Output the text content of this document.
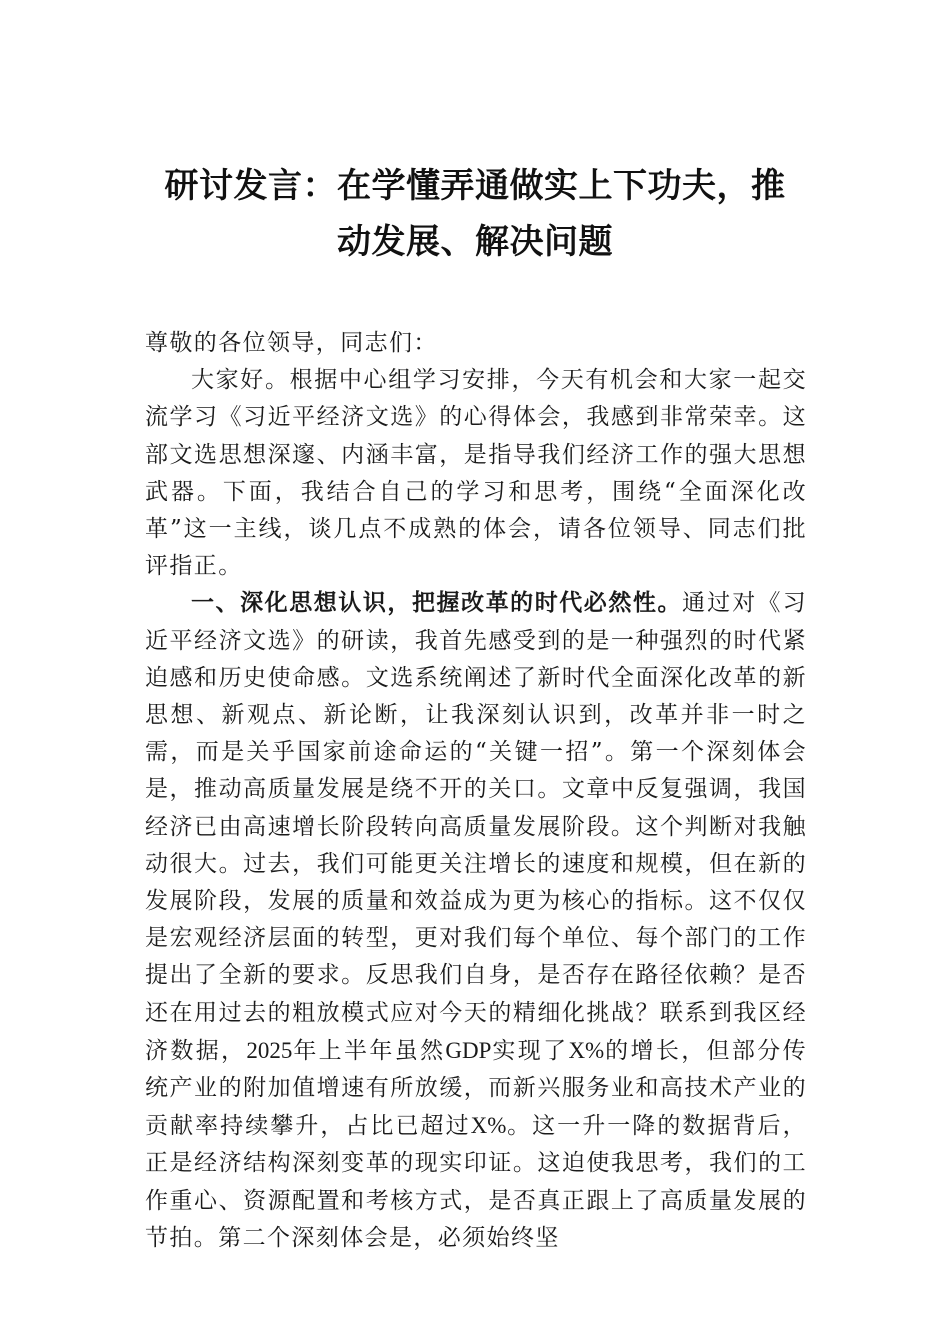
研讨发言：在学懂弄通做实上下功夫，推
动发展、解决问题

尊敬的各位领导，同志们：

大家好。根据中心组学习安排，今天有机会和大家一起交流学习《习近平经济文选》的心得体会，我感到非常荣幸。这部文选思想深邃、内涵丰富，是指导我们经济工作的强大思想武器。下面，我结合自己的学习和思考，围绕“全面深化改革”这一主线，谈几点不成熟的体会，请各位领导、同志们批评指正。

一、深化思想认识，把握改革的时代必然性。通过对《习近平经济文选》的研读，我首先感受到的是一种强烈的时代紧迫感和历史使命感。文选系统阐述了新时代全面深化改革的新思想、新观点、新论断，让我深刻认识到，改革并非一时之需，而是关乎国家前途命运的“关键一招”。第一个深刻体会是，推动高质量发展是绕不开的关口。文章中反复强调，我国经济已由高速增长阶段转向高质量发展阶段。这个判断对我触动很大。过去，我们可能更关注增长的速度和规模，但在新的发展阶段，发展的质量和效益成为更为核心的指标。这不仅仅是宏观经济层面的转型，更对我们每个单位、每个部门的工作提出了全新的要求。反思我们自身，是否存在路径依赖？是否还在用过去的粗放模式应对今天的精细化挑战？联系到我区经济数据，2025年上半年虽然GDP实现了X%的增长，但部分传统产业的附加值增速有所放缓，而新兴服务业和高技术产业的贡献率持续攀升，占比已超过X%。这一升一降的数据背后，正是经济结构深刻变革的现实印证。这迫使我思考，我们的工作重心、资源配置和考核方式，是否真正跟上了高质量发展的节拍。第二个深刻体会是，必须始终坚
